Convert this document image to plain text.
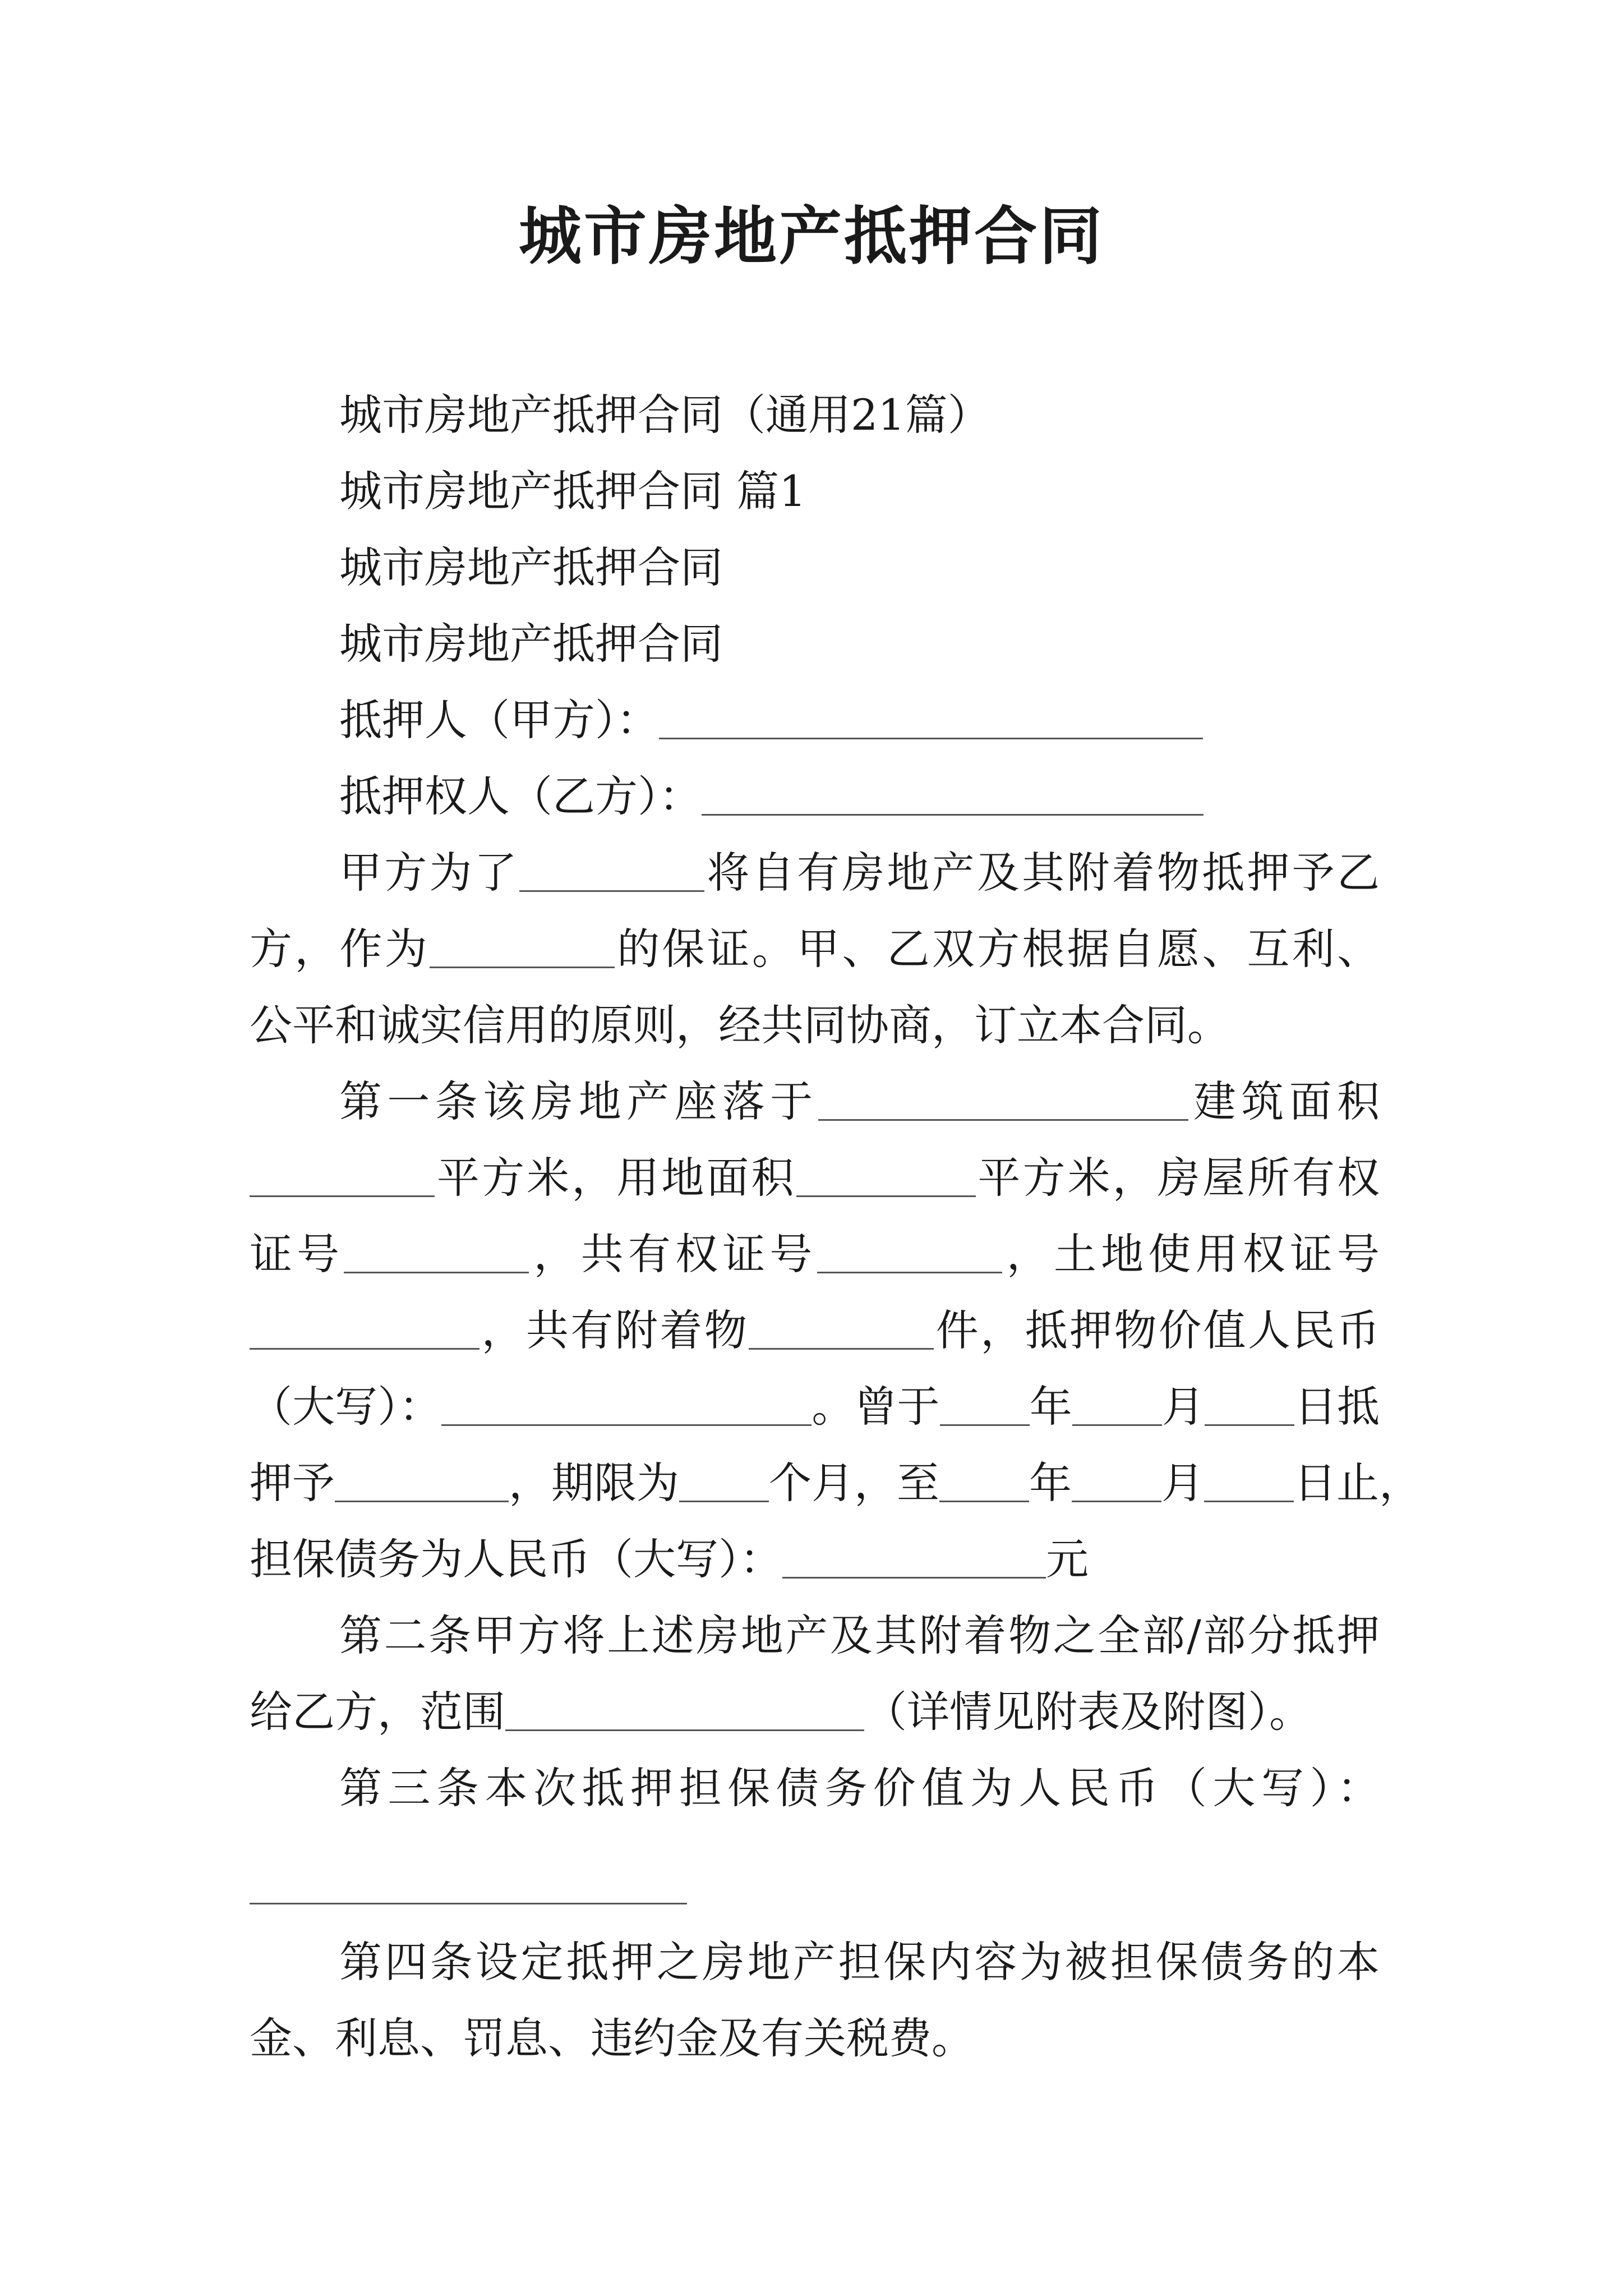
城市房地产抵押合同
城市房地产抵押合同（通用21篇）
城市房地产抵押合同 篇1
城市房地产抵押合同
城市房地产抵押合同
抵押人（甲方）：
抵押权人（乙方）：
甲方为了	将自有房地产及其附着物抵押予乙
方，作为	的保证。甲、乙双方根据自愿、互利、
公平和诚实信用的原则，经共同协商，订立本合同。
第一条该房地产座落于	建筑面积
平方米，用地面积	平方米，房屋所有权
证号	，共有权证号	，土地使用权证号
，共有附着物	件，抵押物价值人民币
（大写）：	。曾于 年 月 日抵
押予	，期限为 个月，至 年 月 日止，
担保债务为人民币（大写）：	元
第二条甲方将上述房地产及其附着物之全部/部分抵押
给乙方，范围	（详情见附表及附图）。
第三条本次抵押担保债务价值为人民币（大写）：
第四条设定抵押之房地产担保内容为被担保债务的本
金、利息、罚息、违约金及有关税费。
